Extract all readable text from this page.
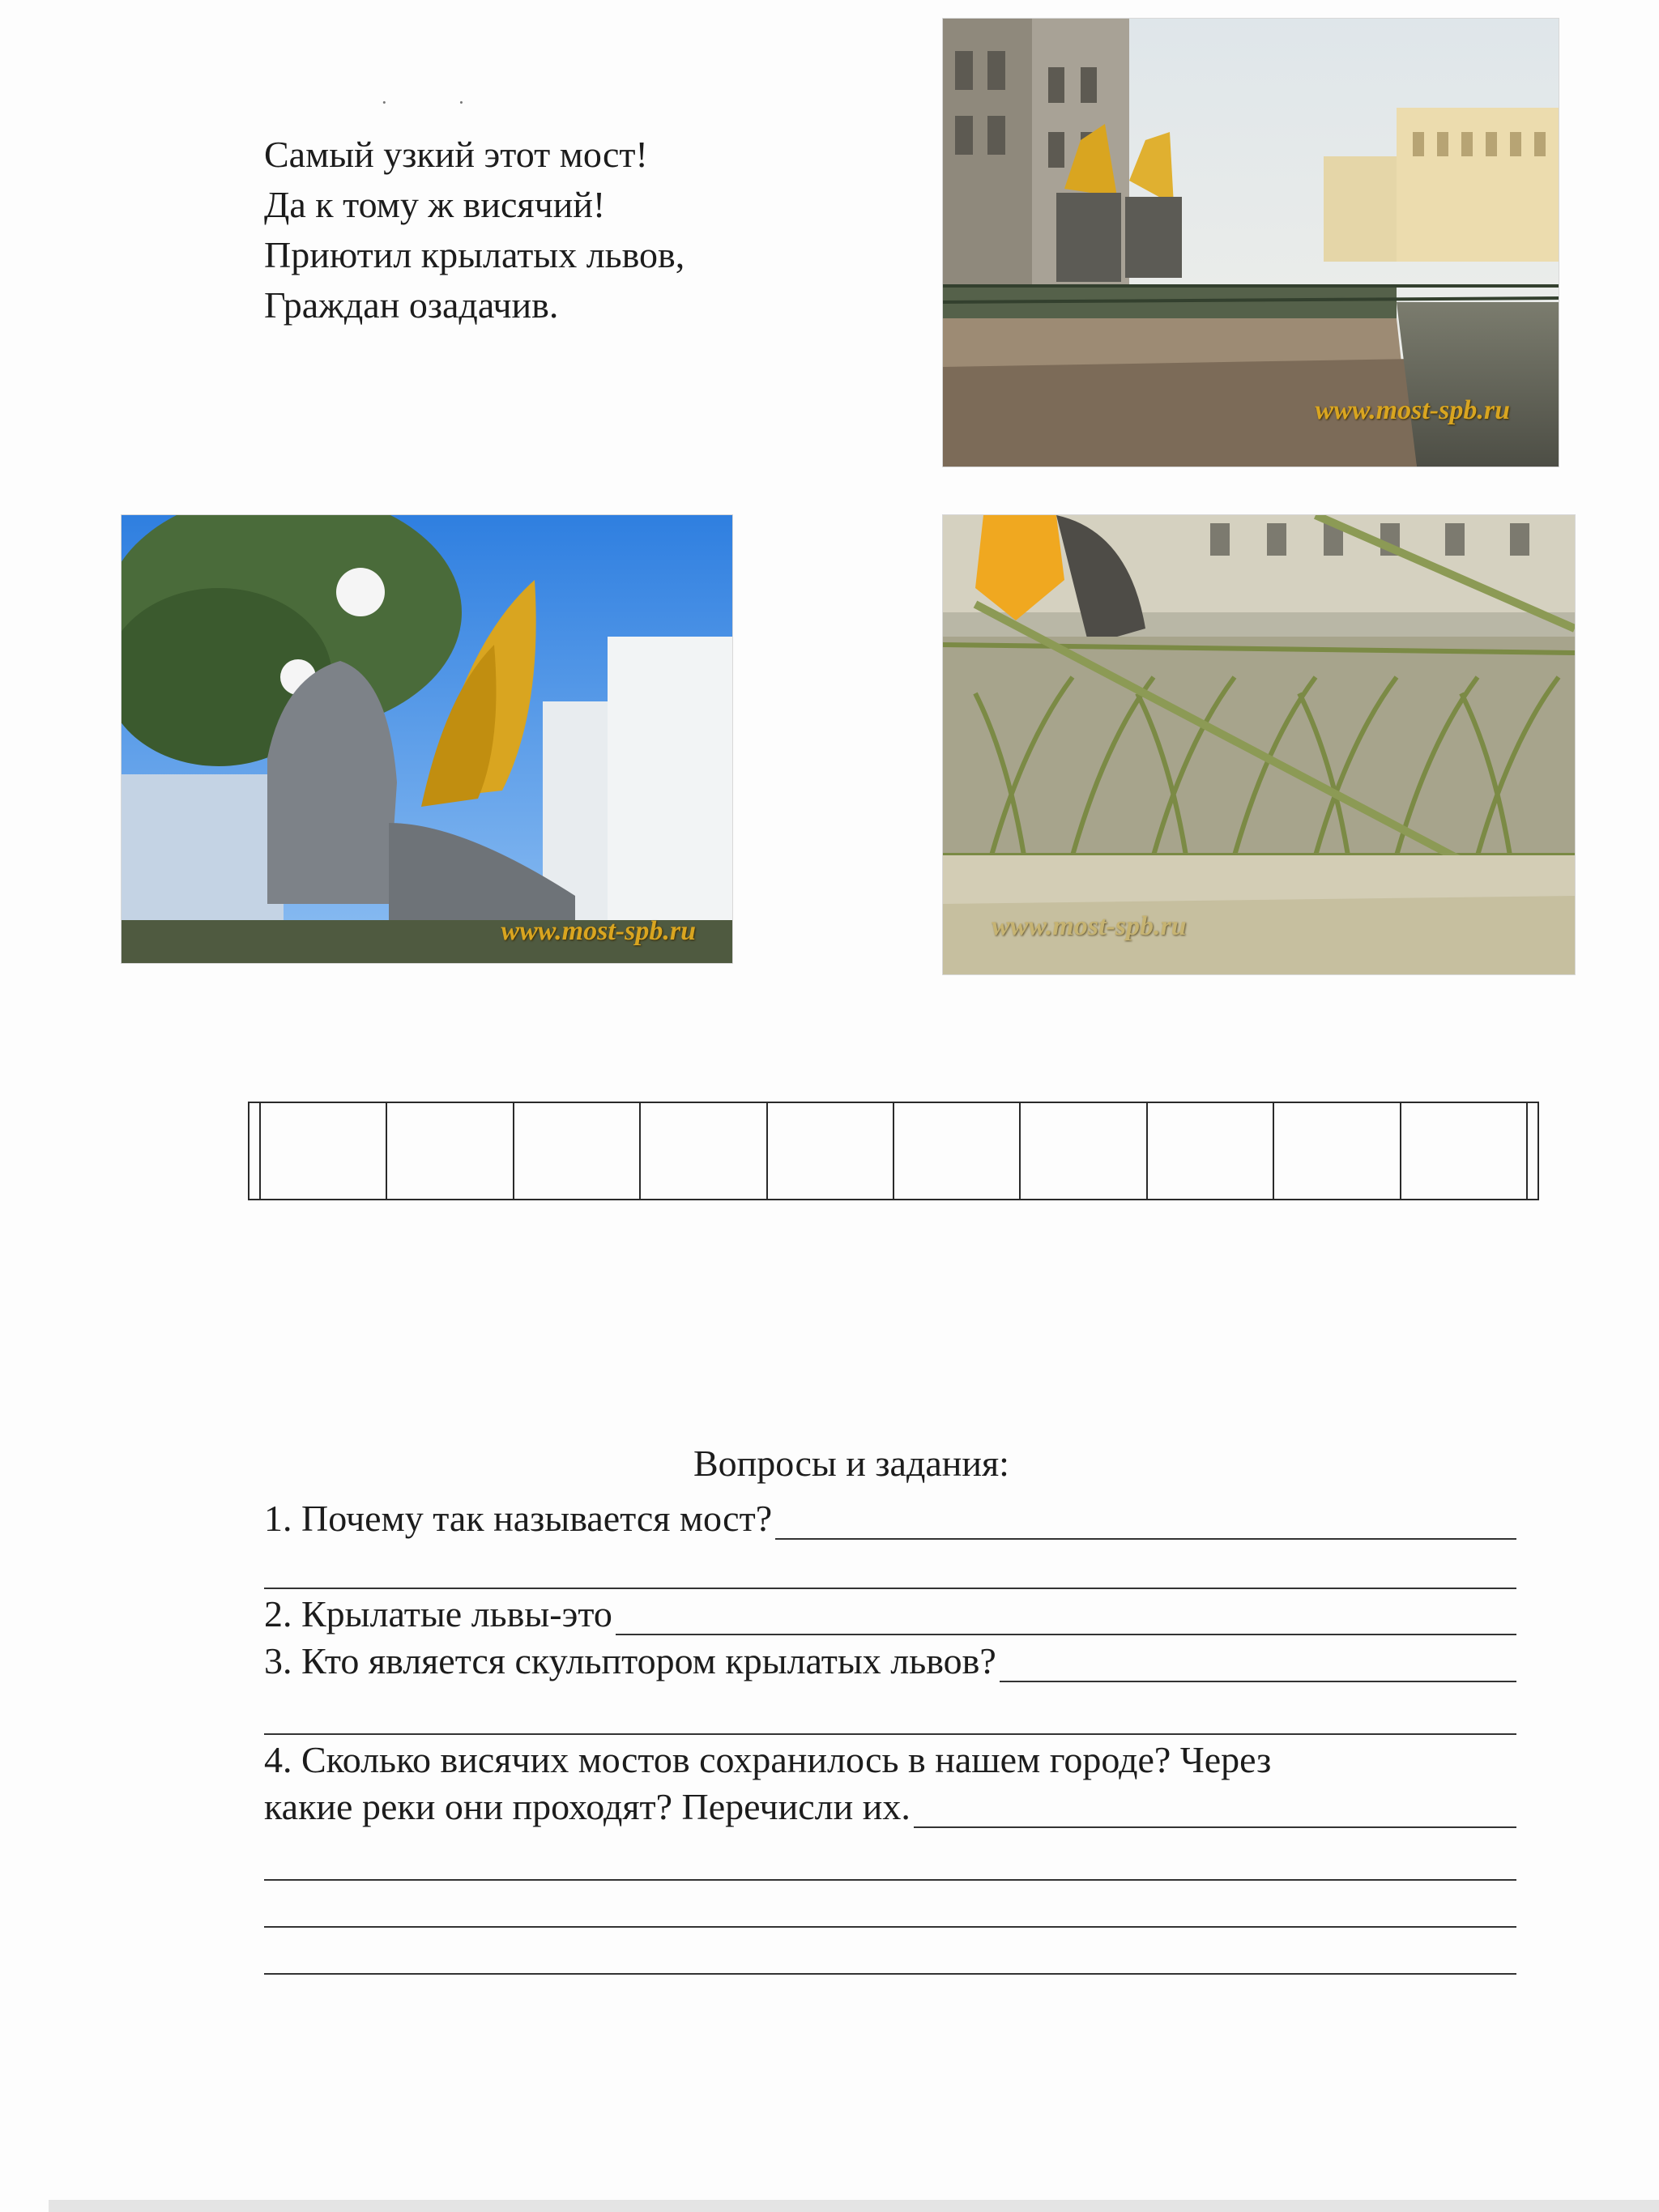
· ·
Самый узкий этот мост!
Да к тому ж висячий!
Приютил крылатых львов,
Граждан озадачив.
www.most-spb.ru
www.most-spb.ru	www.most-spb.ru
Вопросы и задания:
1. Почему так называется мост?
2. Крылатые львы-это
3. Кто является скульптором крылатых львов?
4. Сколько висячих мостов сохранилось в нашем городе? Через
какие реки они проходят? Перечисли их.
